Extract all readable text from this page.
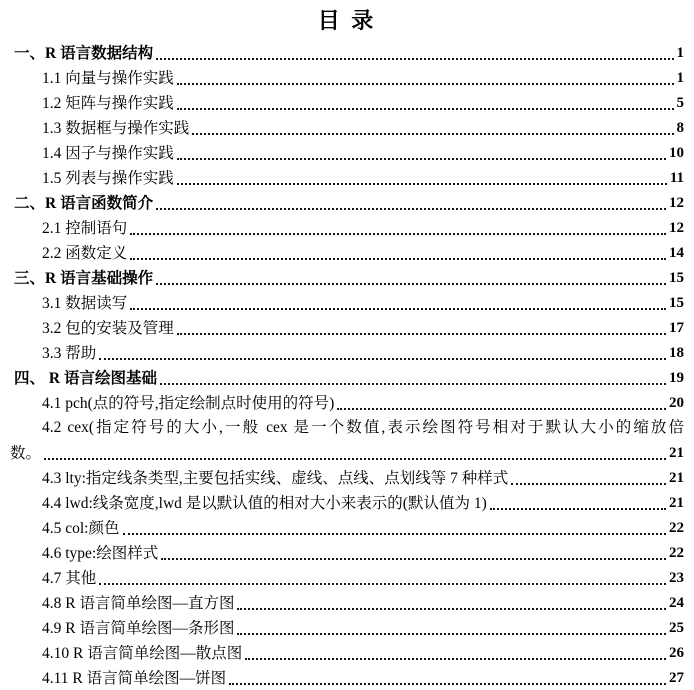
目 录
一、R 语言数据结构	1
1.1 向量与操作实践	1
1.2 矩阵与操作实践	5
1.3 数据框与操作实践	8
1.4 因子与操作实践	10
1.5 列表与操作实践	11
二、R 语言函数简介	12
2.1 控制语句	12
2.2 函数定义	14
三、R 语言基础操作	15
3.1 数据读写	15
3.2 包的安装及管理	17
3.3 帮助	18
四、 R 语言绘图基础	19
4.1 pch(点的符号,指定绘制点时使用的符号)	20
4.2 cex(指定符号的大小,一般 cex 是一个数值,表示绘图符号相对于默认大小的缩放倍
数。	21
4.3 lty:指定线条类型,主要包括实线、虚线、点线、点划线等 7 种样式	21
4.4 lwd:线条宽度,lwd 是以默认值的相对大小来表示的(默认值为 1)	21
4.5 col:颜色	22
4.6 type:绘图样式	22
4.7 其他	23
4.8 R 语言简单绘图—直方图	24
4.9 R 语言简单绘图—条形图	25
4.10 R 语言简单绘图—散点图	26
4.11 R 语言简单绘图—饼图	27
